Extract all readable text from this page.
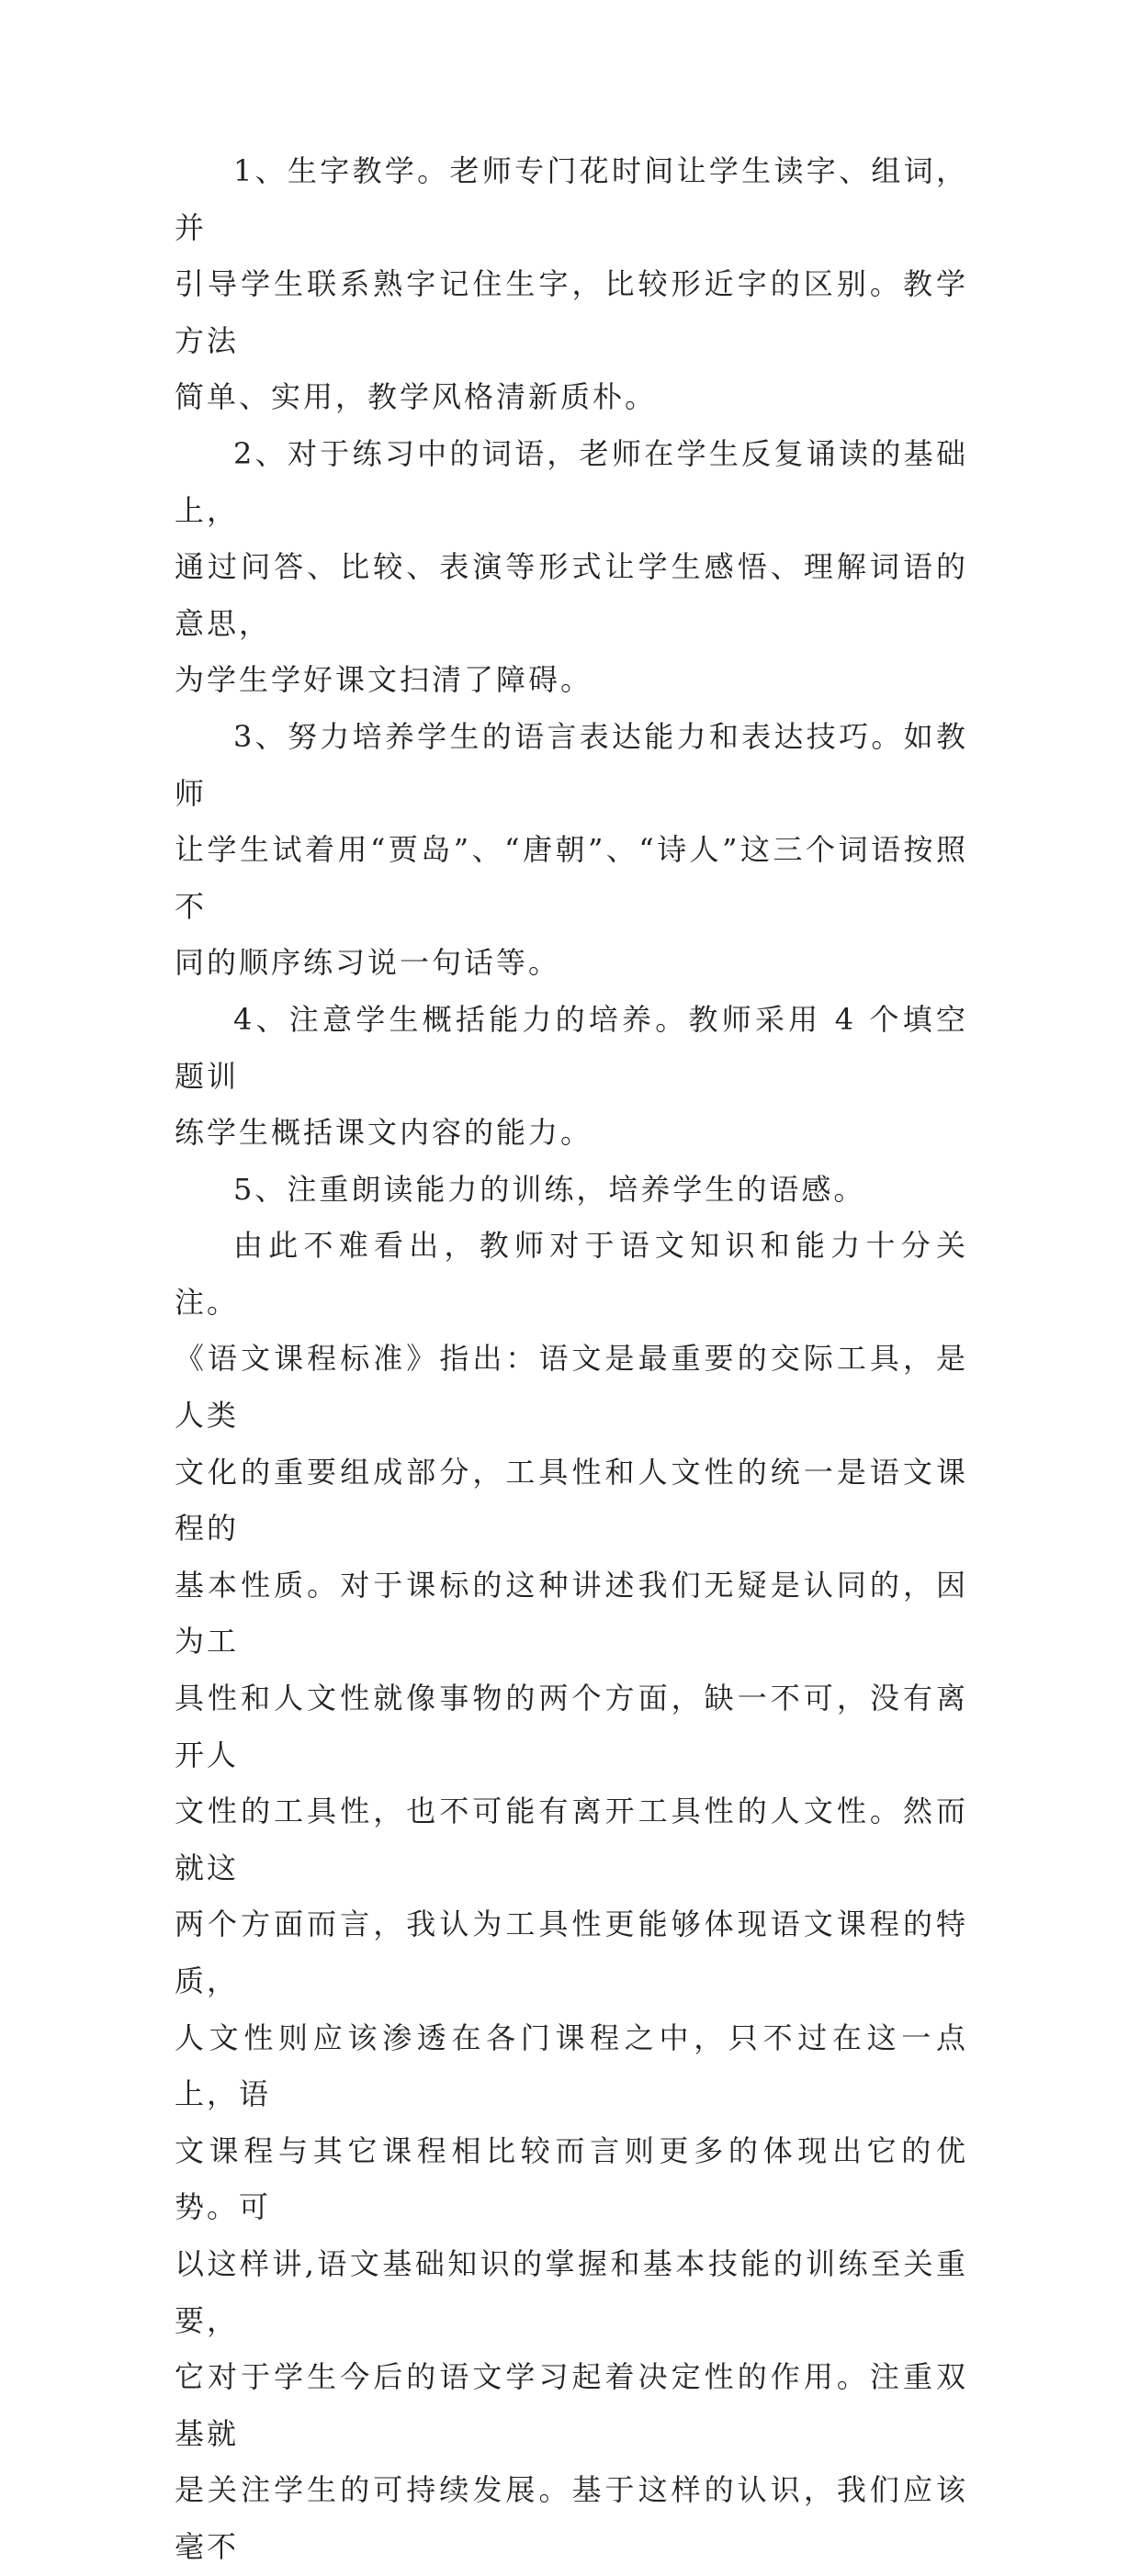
1、生字教学。老师专门花时间让学生读字、组词，并
引导学生联系熟字记住生字，比较形近字的区别。教学方法
简单、实用，教学风格清新质朴。

2、对于练习中的词语，老师在学生反复诵读的基础上，
通过问答、比较、表演等形式让学生感悟、理解词语的意思，
为学生学好课文扫清了障碍。

3、努力培养学生的语言表达能力和表达技巧。如教师
让学生试着用“贾岛”、“唐朝”、“诗人”这三个词语按照不
同的顺序练习说一句话等。

4、注意学生概括能力的培养。教师采用 4 个填空题训
练学生概括课文内容的能力。

5、注重朗读能力的训练，培养学生的语感。

由此不难看出，教师对于语文知识和能力十分关注。
《语文课程标准》指出：语文是最重要的交际工具，是人类
文化的重要组成部分，工具性和人文性的统一是语文课程的
基本性质。对于课标的这种讲述我们无疑是认同的，因为工
具性和人文性就像事物的两个方面，缺一不可，没有离开人
文性的工具性，也不可能有离开工具性的人文性。然而就这
两个方面而言，我认为工具性更能够体现语文课程的特质，
人文性则应该渗透在各门课程之中，只不过在这一点上，语
文课程与其它课程相比较而言则更多的体现出它的优势。可
以这样讲,语文基础知识的掌握和基本技能的训练至关重要，
它对于学生今后的语文学习起着决定性的作用。注重双基就
是关注学生的可持续发展。基于这样的认识，我们应该毫不
